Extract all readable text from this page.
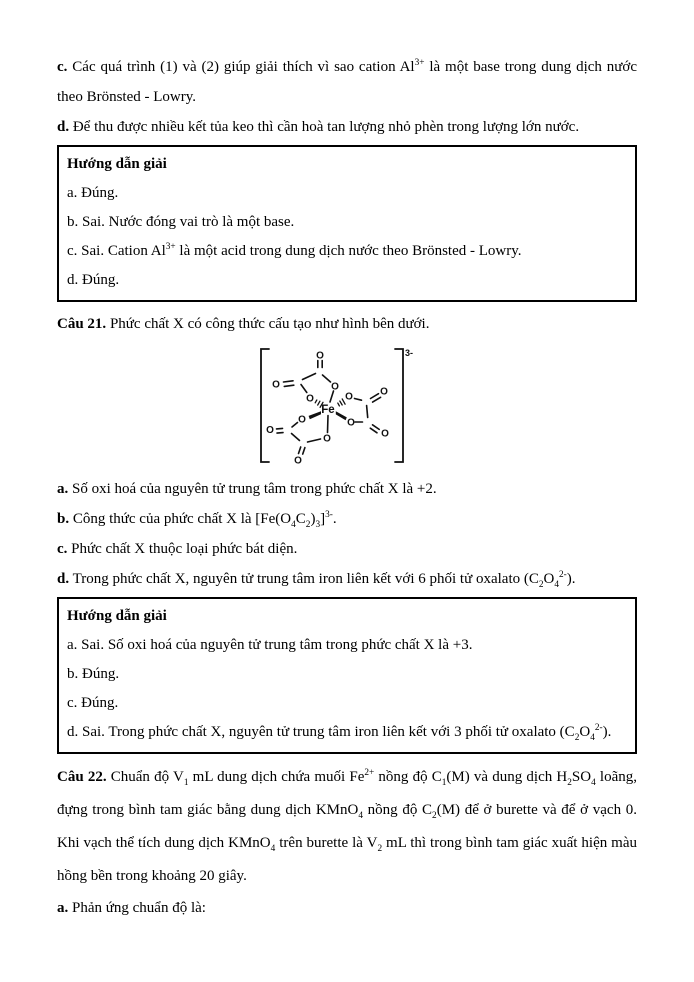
c. Các quá trình (1) và (2) giúp giải thích vì sao cation $Al^{3+}$ là một base trong dung dịch nước theo Brönsted - Lowry.

d. Để thu được nhiều kết tủa keo thì cần hoà tan lượng nhỏ phèn trong lượng lớn nước.

Hướng dẫn giải

a. Đúng.

b. Sai. Nước đóng vai trò là một base.

c. Sai. Cation $Al^{3+}$ là một acid trong dung dịch nước theo Brönsted - Lowry.

d. Đúng.

Câu 21. Phức chất X có công thức cấu tạo như hình bên dưới.

3-
Fe
O
O
O
O
O
O
O
O
O	O
O
O

a. Số oxi hoá của nguyên tử trung tâm trong phức chất X là +2.

b. Công thức của phức chất X là $[Fe(O_4C_2)_3]^{3-}$.

c. Phức chất X thuộc loại phức bát diện.

d. Trong phức chất X, nguyên tử trung tâm iron liên kết với 6 phối tử oxalato $(C_2O_4^{2-})$.

Hướng dẫn giải

a. Sai. Số oxi hoá của nguyên tử trung tâm trong phức chất X là +3.

b. Đúng.

c. Đúng.

d. Sai. Trong phức chất X, nguyên tử trung tâm iron liên kết với 3 phối tử oxalato $(C_2O_4^{2-})$.

Câu 22. Chuẩn độ $V_1$ mL dung dịch chứa muối $Fe^{2+}$ nồng độ $C_1(M)$ và dung dịch $H_2SO_4$ loãng, đựng trong bình tam giác bằng dung dịch KMnO$_4$ nồng độ $C_2(M)$ để ở burette và để ở vạch 0. Khi vạch thể tích dung dịch KMnO$_4$ trên burette là $V_2$ mL thì trong bình tam giác xuất hiện màu hồng bền trong khoảng 20 giây.

a. Phản ứng chuẩn độ là:
